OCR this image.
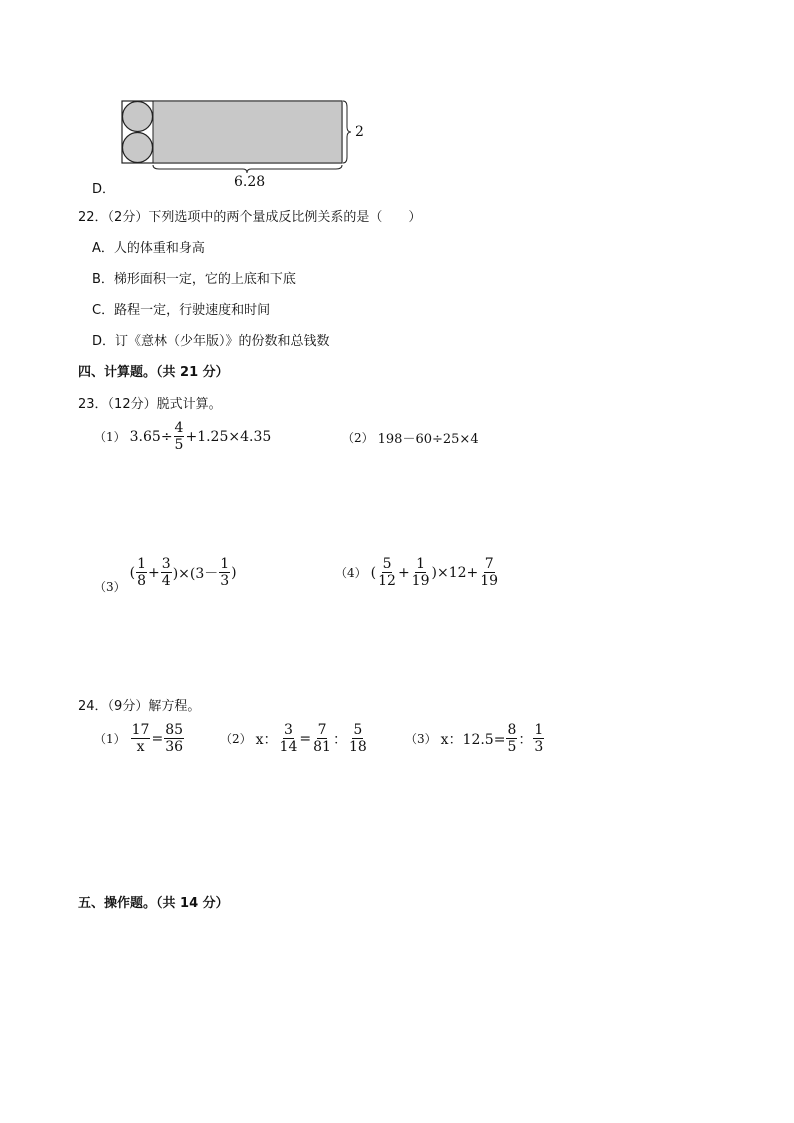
2
6.28
D．
22．（2分）下列选项中的两个量成反比例关系的是（　　）
A．人的体重和身高
B．梯形面积一定，它的上底和下底
C．路程一定，行驶速度和时间
D．订《意林（少年版）》的份数和总钱数
四、计算题。（共 21 分）
23．（12分）脱式计算。
（1） $3.65\div \frac{4}{5} +1.25\times 4.35$	（2） 198－60÷25×4
（3）
( $\frac{1}{8} + \frac{3}{4} )\times(3- \frac{1}{3}$ )	（4） ( $\frac{5}{12} + \frac{1}{19} )\times 12+ \frac{7}{19}$
24．（9分）解方程。
$(1) \frac{17}{x} = \frac{85}{36}$	（2） x： $\frac{3}{14} = \frac{7}{81}$ ： $\frac{5}{18}$	（3） x：$12.5= \frac{8}{5}$ ： $\frac{1}{3}$
五、操作题。（共 14 分）
